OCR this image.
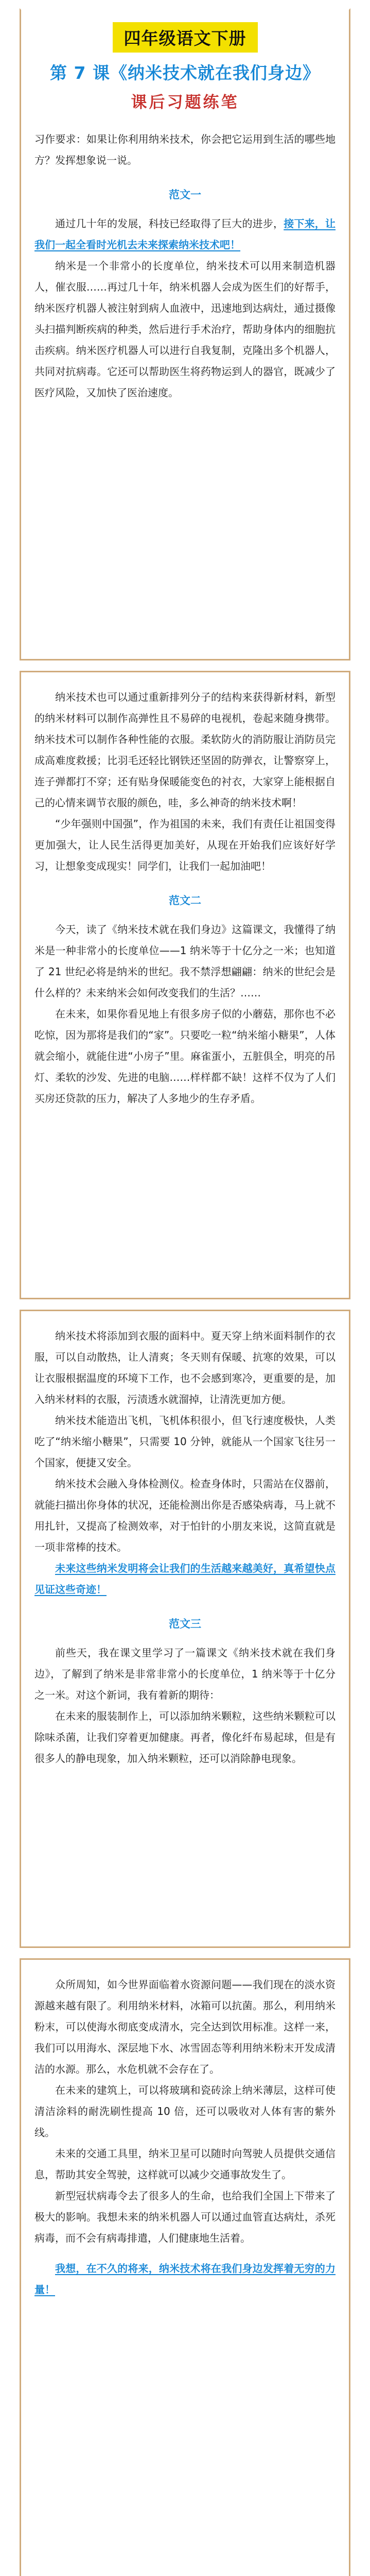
四年级语文下册
第 7 课《纳米技术就在我们身边》
课后习题练笔

习作要求：如果让你利用纳米技术，你会把它运用到生活的哪些地方？发挥想象说一说。

范文一

通过几十年的发展，科技已经取得了巨大的进步，接下来，让我们一起全看时光机去未来探索纳米技术吧！

纳米是一个非常小的长度单位，纳米技术可以用来制造机器人，催衣服……再过几十年，纳米机器人会成为医生们的好帮手，纳米医疗机器人被注射到病人血液中，迅速地到达病灶，通过摄像头扫描判断疾病的种类，然后进行手术治疗，帮助身体内的细胞抗击疾病。纳米医疗机器人可以进行自我复制，克隆出多个机器人，共同对抗病毒。它还可以帮助医生将药物运到人的器官，既减少了医疗风险，又加快了医治速度。

纳米技术也可以通过重新排列分子的结构来获得新材料，新型的纳米材料可以制作高弹性且不易碎的电视机，卷起来随身携带。纳米技术可以制作各种性能的衣服。柔软防火的消防服让消防员完成高难度救援；比羽毛还轻比钢铁还坚固的防弹衣，让警察穿上，连子弹都打不穿；还有贴身保暖能变色的衬衣，大家穿上能根据自己的心情来调节衣服的颜色，哇，多么神奇的纳米技术啊！

“少年强则中国强”，作为祖国的未来，我们有责任让祖国变得更加强大，让人民生活得更加美好，从现在开始我们应该好好学习，让想象变成现实！同学们，让我们一起加油吧！

范文二

今天，读了《纳米技术就在我们身边》这篇课文，我懂得了纳米是一种非常小的长度单位——1 纳米等于十亿分之一米；也知道了 21 世纪必将是纳米的世纪。我不禁浮想翩翩：纳米的世纪会是什么样的？未来纳米会如何改变我们的生活？……

在未来，如果你看见地上有很多房子似的小蘑菇，那你也不必吃惊，因为那将是我们的“家”。只要吃一粒“纳米缩小糖果”，人体就会缩小，就能住进“小房子”里。麻雀蛋小，五脏俱全，明亮的吊灯、柔软的沙发、先进的电脑……样样都不缺！这样不仅为了人们买房还贷款的压力，解决了人多地少的生存矛盾。

纳米技术将添加到衣服的面料中。夏天穿上纳米面料制作的衣服，可以自动散热，让人清爽；冬天则有保暖、抗寒的效果，可以让衣服根据温度的环境下工作，也不会感到寒冷，更重要的是，加入纳米材料的衣服，污渍透水就溜掉，让清洗更加方便。

纳米技术能造出飞机，飞机体积很小，但飞行速度极快，人类吃了“纳米缩小糖果”，只需要 10 分钟，就能从一个国家飞往另一个国家，便捷又安全。

纳米技术会融入身体检测仪。检查身体时，只需站在仪器前，就能扫描出你身体的状况，还能检测出你是否感染病毒，马上就不用扎针，又提高了检测效率，对于怕针的小朋友来说，这简直就是一项非常棒的技术。

未来这些纳米发明将会让我们的生活越来越美好，真希望快点见证这些奇迹！

范文三

前些天，我在课文里学习了一篇课文《纳米技术就在我们身边》，了解到了纳米是非常非常小的长度单位，1 纳米等于十亿分之一米。对这个新词，我有着新的期待：

在未来的服装制作上，可以添加纳米颗粒，这些纳米颗粒可以除味杀菌，让我们穿着更加健康。再者，像化纤布易起球，但是有很多人的静电现象，加入纳米颗粒，还可以消除静电现象。

众所周知，如今世界面临着水资源问题——我们现在的淡水资源越来越有限了。利用纳米材料，冰箱可以抗菌。那么，利用纳米粉末，可以使海水彻底变成清水，完全达到饮用标准。这样一来，我们可以用海水、深层地下水、冰雪固态等利用纳米粉末开发成清洁的水源。那么，水危机就不会存在了。

在未来的建筑上，可以将玻璃和瓷砖涂上纳米薄层，这样可使清洁涂料的耐洗刷性提高 10 倍，还可以吸收对人体有害的紫外线。

未来的交通工具里，纳米卫星可以随时向驾驶人员提供交通信息，帮助其安全驾驶，这样就可以减少交通事故发生了。

新型冠状病毒令去了很多人的生命，也给我们全国上下带来了极大的影响。我想未来的纳米机器人可以通过血管直达病灶，杀死病毒，而不会有病毒排遣，人们健康地生活着。

我想，在不久的将来，纳米技术将在我们身边发挥着无穷的力量！
